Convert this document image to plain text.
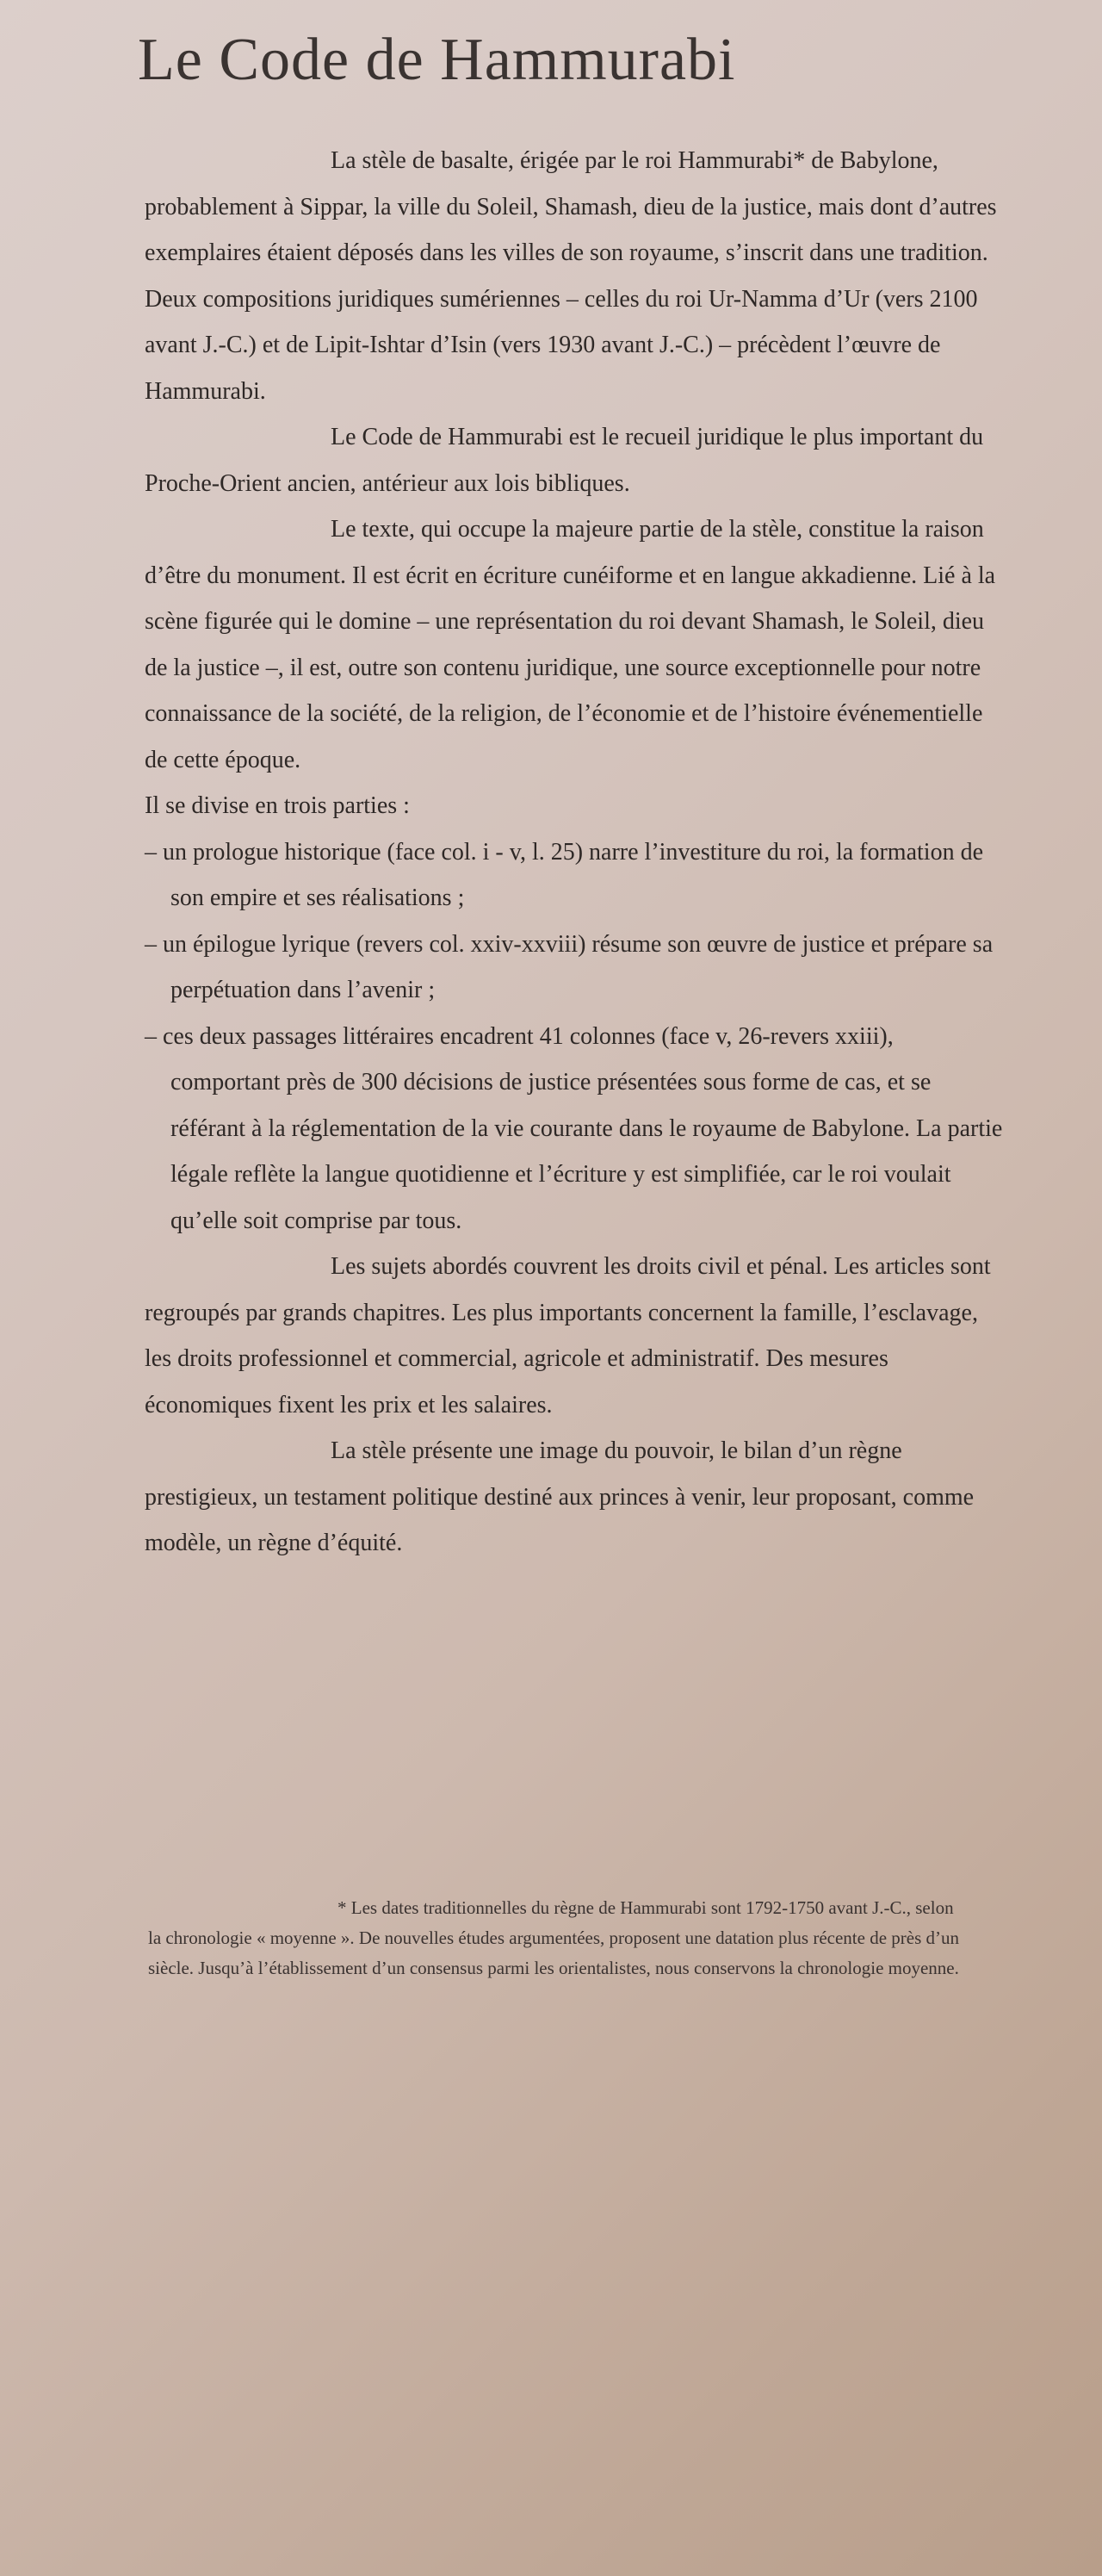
Le Code de Hammurabi

La stèle de basalte, érigée par le roi Hammurabi* de Babylone, probablement à Sippar, la ville du Soleil, Shamash, dieu de la justice, mais dont d’autres exemplaires étaient déposés dans les villes de son royaume, s’inscrit dans une tradition. Deux compositions juridiques sumériennes – celles du roi Ur-Namma d’Ur (vers 2100 avant J.-C.) et de Lipit-Ishtar d’Isin (vers 1930 avant J.-C.) – précèdent l’œuvre de Hammurabi.

Le Code de Hammurabi est le recueil juridique le plus important du Proche-Orient ancien, antérieur aux lois bibliques.

Le texte, qui occupe la majeure partie de la stèle, constitue la raison d’être du monument. Il est écrit en écriture cunéiforme et en langue akkadienne. Lié à la scène figurée qui le domine – une représentation du roi devant Shamash, le Soleil, dieu de la justice –, il est, outre son contenu juridique, une source exceptionnelle pour notre connaissance de la société, de la religion, de l’économie et de l’histoire événementielle de cette époque.

Il se divise en trois parties :

– un prologue historique (face col. i - v, l. 25) narre l’investiture du roi, la formation de son empire et ses réalisations ;

– un épilogue lyrique (revers col. xxiv-xxviii) résume son œuvre de justice et prépare sa perpétuation dans l’avenir ;

– ces deux passages littéraires encadrent 41 colonnes (face v, 26-revers xxiii), comportant près de 300 décisions de justice présentées sous forme de cas, et se référant à la réglementation de la vie courante dans le royaume de Babylone. La partie légale reflète la langue quotidienne et l’écriture y est simplifiée, car le roi voulait qu’elle soit comprise par tous.

Les sujets abordés couvrent les droits civil et pénal. Les articles sont regroupés par grands chapitres. Les plus importants concernent la famille, l’esclavage, les droits professionnel et commercial, agricole et administratif. Des mesures économiques fixent les prix et les salaires.

La stèle présente une image du pouvoir, le bilan d’un règne prestigieux, un testament politique destiné aux princes à venir, leur proposant, comme modèle, un règne d’équité.

* Les dates traditionnelles du règne de Hammurabi sont 1792-1750 avant J.-C., selon la chronologie « moyenne ». De nouvelles études argumentées, proposent une datation plus récente de près d’un siècle. Jusqu’à l’établissement d’un consensus parmi les orientalistes, nous conservons la chronologie moyenne.
